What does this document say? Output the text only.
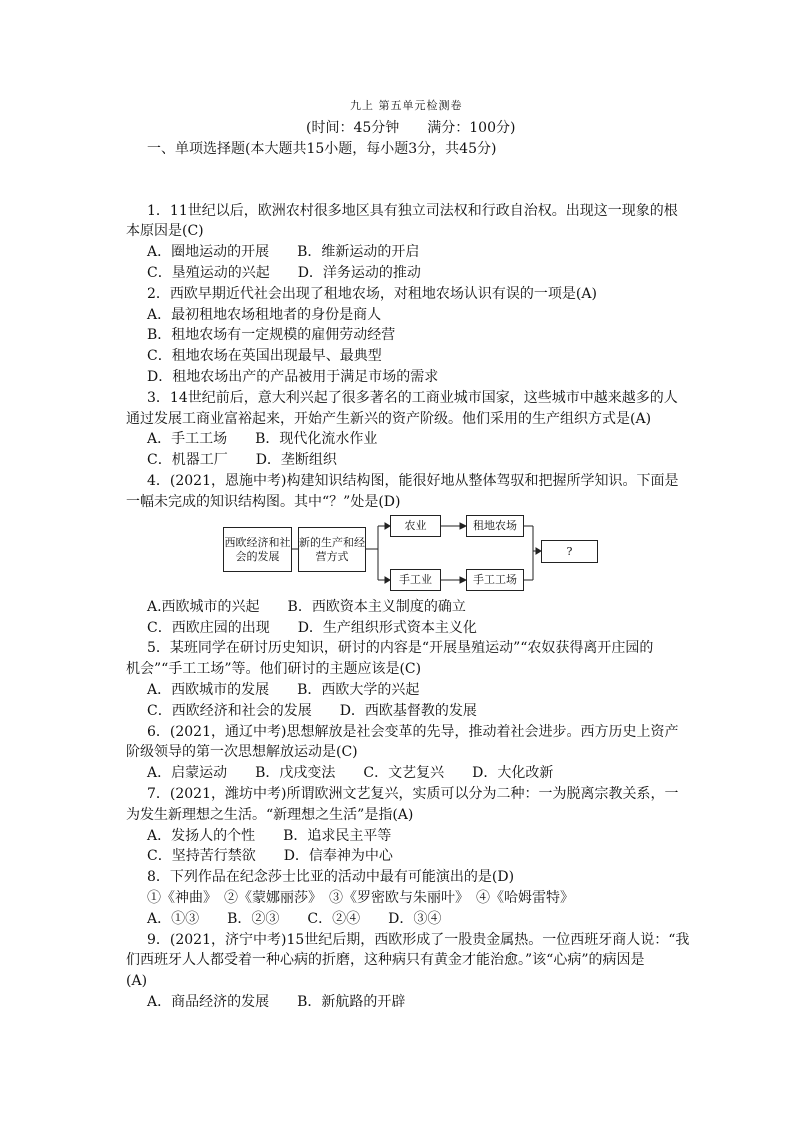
九上 第五单元检测卷
(时间：45分钟　　满分：100分)
一、单项选择题(本大题共15小题，每小题3分，共45分)
1．11世纪以后，欧洲农村很多地区具有独立司法权和行政自治权。出现这一现象的根
本原因是(C)
A．圈地运动的开展　　B．维新运动的开启
C．垦殖运动的兴起　　D．洋务运动的推动
2．西欧早期近代社会出现了租地农场，对租地农场认识有误的一项是(A)
A．最初租地农场租地者的身份是商人
B．租地农场有一定规模的雇佣劳动经营
C．租地农场在英国出现最早、最典型
D．租地农场出产的产品被用于满足市场的需求
3．14世纪前后，意大利兴起了很多著名的工商业城市国家，这些城市中越来越多的人
通过发展工商业富裕起来，开始产生新兴的资产阶级。他们采用的生产组织方式是(A)
A．手工工场　　B．现代化流水作业
C．机器工厂　　D．垄断组织
4．(2021，恩施中考)构建知识结构图，能很好地从整体驾驭和把握所学知识。下面是
一幅未完成的知识结构图。其中“？”处是(D)
西欧经济和社会的发展
新的生产和经营方式
农业	租地农场
手工业	手工工场
?
A.西欧城市的兴起　　B．西欧资本主义制度的确立
C．西欧庄园的出现　　D．生产组织形式资本主义化
5．某班同学在研讨历史知识，研讨的内容是“开展垦殖运动”“农奴获得离开庄园的
机会”“手工工场”等。他们研讨的主题应该是(C)
A．西欧城市的发展　　B．西欧大学的兴起
C．西欧经济和社会的发展　　D．西欧基督教的发展
6．(2021，通辽中考)思想解放是社会变革的先导，推动着社会进步。西方历史上资产
阶级领导的第一次思想解放运动是(C)
A．启蒙运动　　B．戊戌变法　　C．文艺复兴　　D．大化改新
7．(2021，潍坊中考)所谓欧洲文艺复兴，实质可以分为二种：一为脱离宗教关系，一
为发生新理想之生活。“新理想之生活”是指(A)
A．发扬人的个性　　B．追求民主平等
C．坚持苦行禁欲　　D．信奉神为中心
8．下列作品在纪念莎士比亚的活动中最有可能演出的是(D)
①《神曲》　②《蒙娜丽莎》　③《罗密欧与朱丽叶》　④《哈姆雷特》
A．①③　　B．②③　　C．②④　　D．③④
9．(2021，济宁中考)15世纪后期，西欧形成了一股贵金属热。一位西班牙商人说：“我
们西班牙人人都受着一种心病的折磨，这种病只有黄金才能治愈。”该“心病”的病因是
(A)
A．商品经济的发展　　B．新航路的开辟
